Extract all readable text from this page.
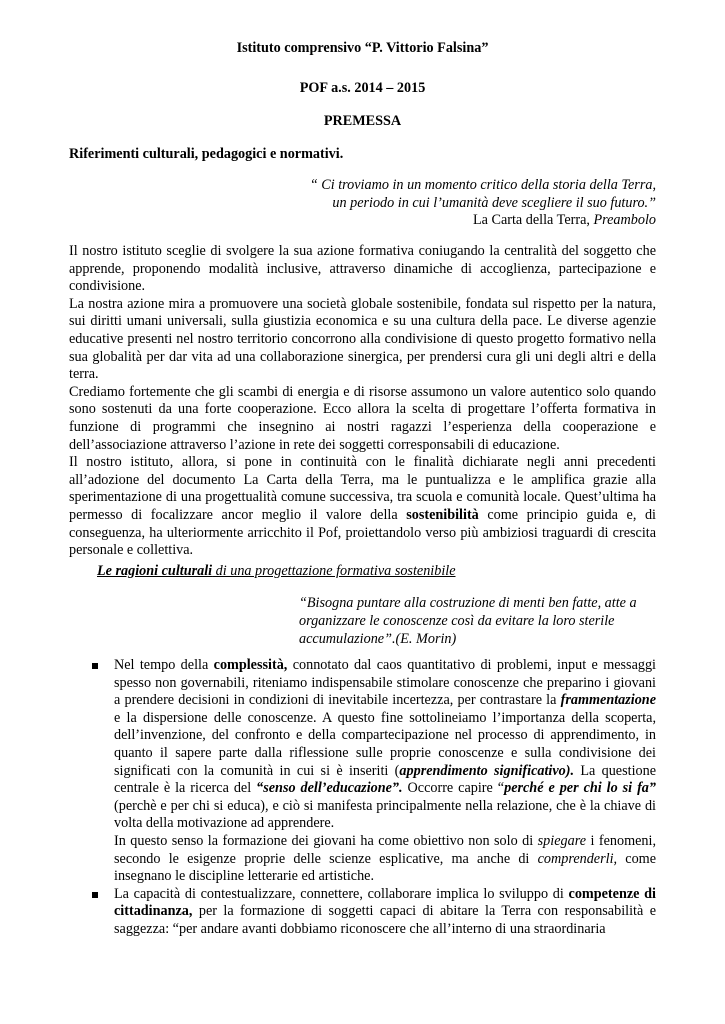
Istituto comprensivo “P. Vittorio Falsina”
POF a.s. 2014 – 2015
PREMESSA
Riferimenti culturali, pedagogici e normativi.
“ Ci troviamo in un momento critico della storia della Terra,
un periodo in cui l’umanità deve scegliere il suo futuro.”
La Carta della Terra, Preambolo

Il nostro istituto sceglie di svolgere la sua azione formativa coniugando la centralità del soggetto che apprende, proponendo modalità inclusive, attraverso dinamiche di accoglienza, partecipazione e condivisione.

La nostra azione mira a promuovere una società globale sostenibile, fondata sul rispetto per la natura, sui diritti umani universali, sulla giustizia economica e su una cultura della pace. Le diverse agenzie educative presenti nel nostro territorio concorrono alla condivisione di questo progetto formativo nella sua globalità per dar vita ad una collaborazione sinergica, per prendersi cura gli uni degli altri e della terra.

Crediamo fortemente che gli scambi di energia e di risorse assumono un valore autentico solo quando sono sostenuti da una forte cooperazione. Ecco allora la scelta di progettare l’offerta formativa in funzione di programmi che insegnino ai nostri ragazzi l’esperienza della cooperazione e dell’associazione attraverso l’azione in rete dei soggetti corresponsabili di educazione.

Il nostro istituto, allora, si pone in continuità con le finalità dichiarate negli anni precedenti all’adozione del documento La Carta della Terra, ma le puntualizza e le amplifica grazie alla sperimentazione di una progettualità comune successiva, tra scuola e comunità locale. Quest’ultima ha permesso di focalizzare ancor meglio il valore della sostenibilità come principio guida e, di conseguenza, ha ulteriormente arricchito il Pof, proiettandolo verso più ambiziosi traguardi di crescita personale e collettiva.

Le ragioni culturali di una progettazione formativa sostenibile
“Bisogna puntare alla costruzione di menti ben fatte, atte a organizzare le conoscenze così da evitare la loro sterile accumulazione”.(E. Morin)

Nel tempo della complessità, connotato dal caos quantitativo di problemi, input e messaggi spesso non governabili, riteniamo indispensabile stimolare conoscenze che preparino i giovani a prendere decisioni in condizioni di inevitabile incertezza, per contrastare la frammentazione e la dispersione delle conoscenze. A questo fine sottolineiamo l’importanza della scoperta, dell’invenzione, del confronto e della compartecipazione nel processo di apprendimento, in quanto il sapere parte dalla riflessione sulle proprie conoscenze e sulla condivisione dei significati con la comunità in cui si è inseriti (apprendimento significativo). La questione centrale è la ricerca del “senso dell’educazione”. Occorre capire “perché e per chi lo si fa” (perchè e per chi si educa), e ciò si manifesta principalmente nella relazione, che è la chiave di volta della motivazione ad apprendere.

In questo senso la formazione dei giovani ha come obiettivo non solo di spiegare i fenomeni, secondo le esigenze proprie delle scienze esplicative, ma anche di comprenderli, come insegnano le discipline letterarie ed artistiche.

La capacità di contestualizzare, connettere, collaborare implica lo sviluppo di competenze di cittadinanza, per la formazione di soggetti capaci di abitare la Terra con responsabilità e saggezza: “per andare avanti dobbiamo riconoscere che all’interno di una straordinaria
